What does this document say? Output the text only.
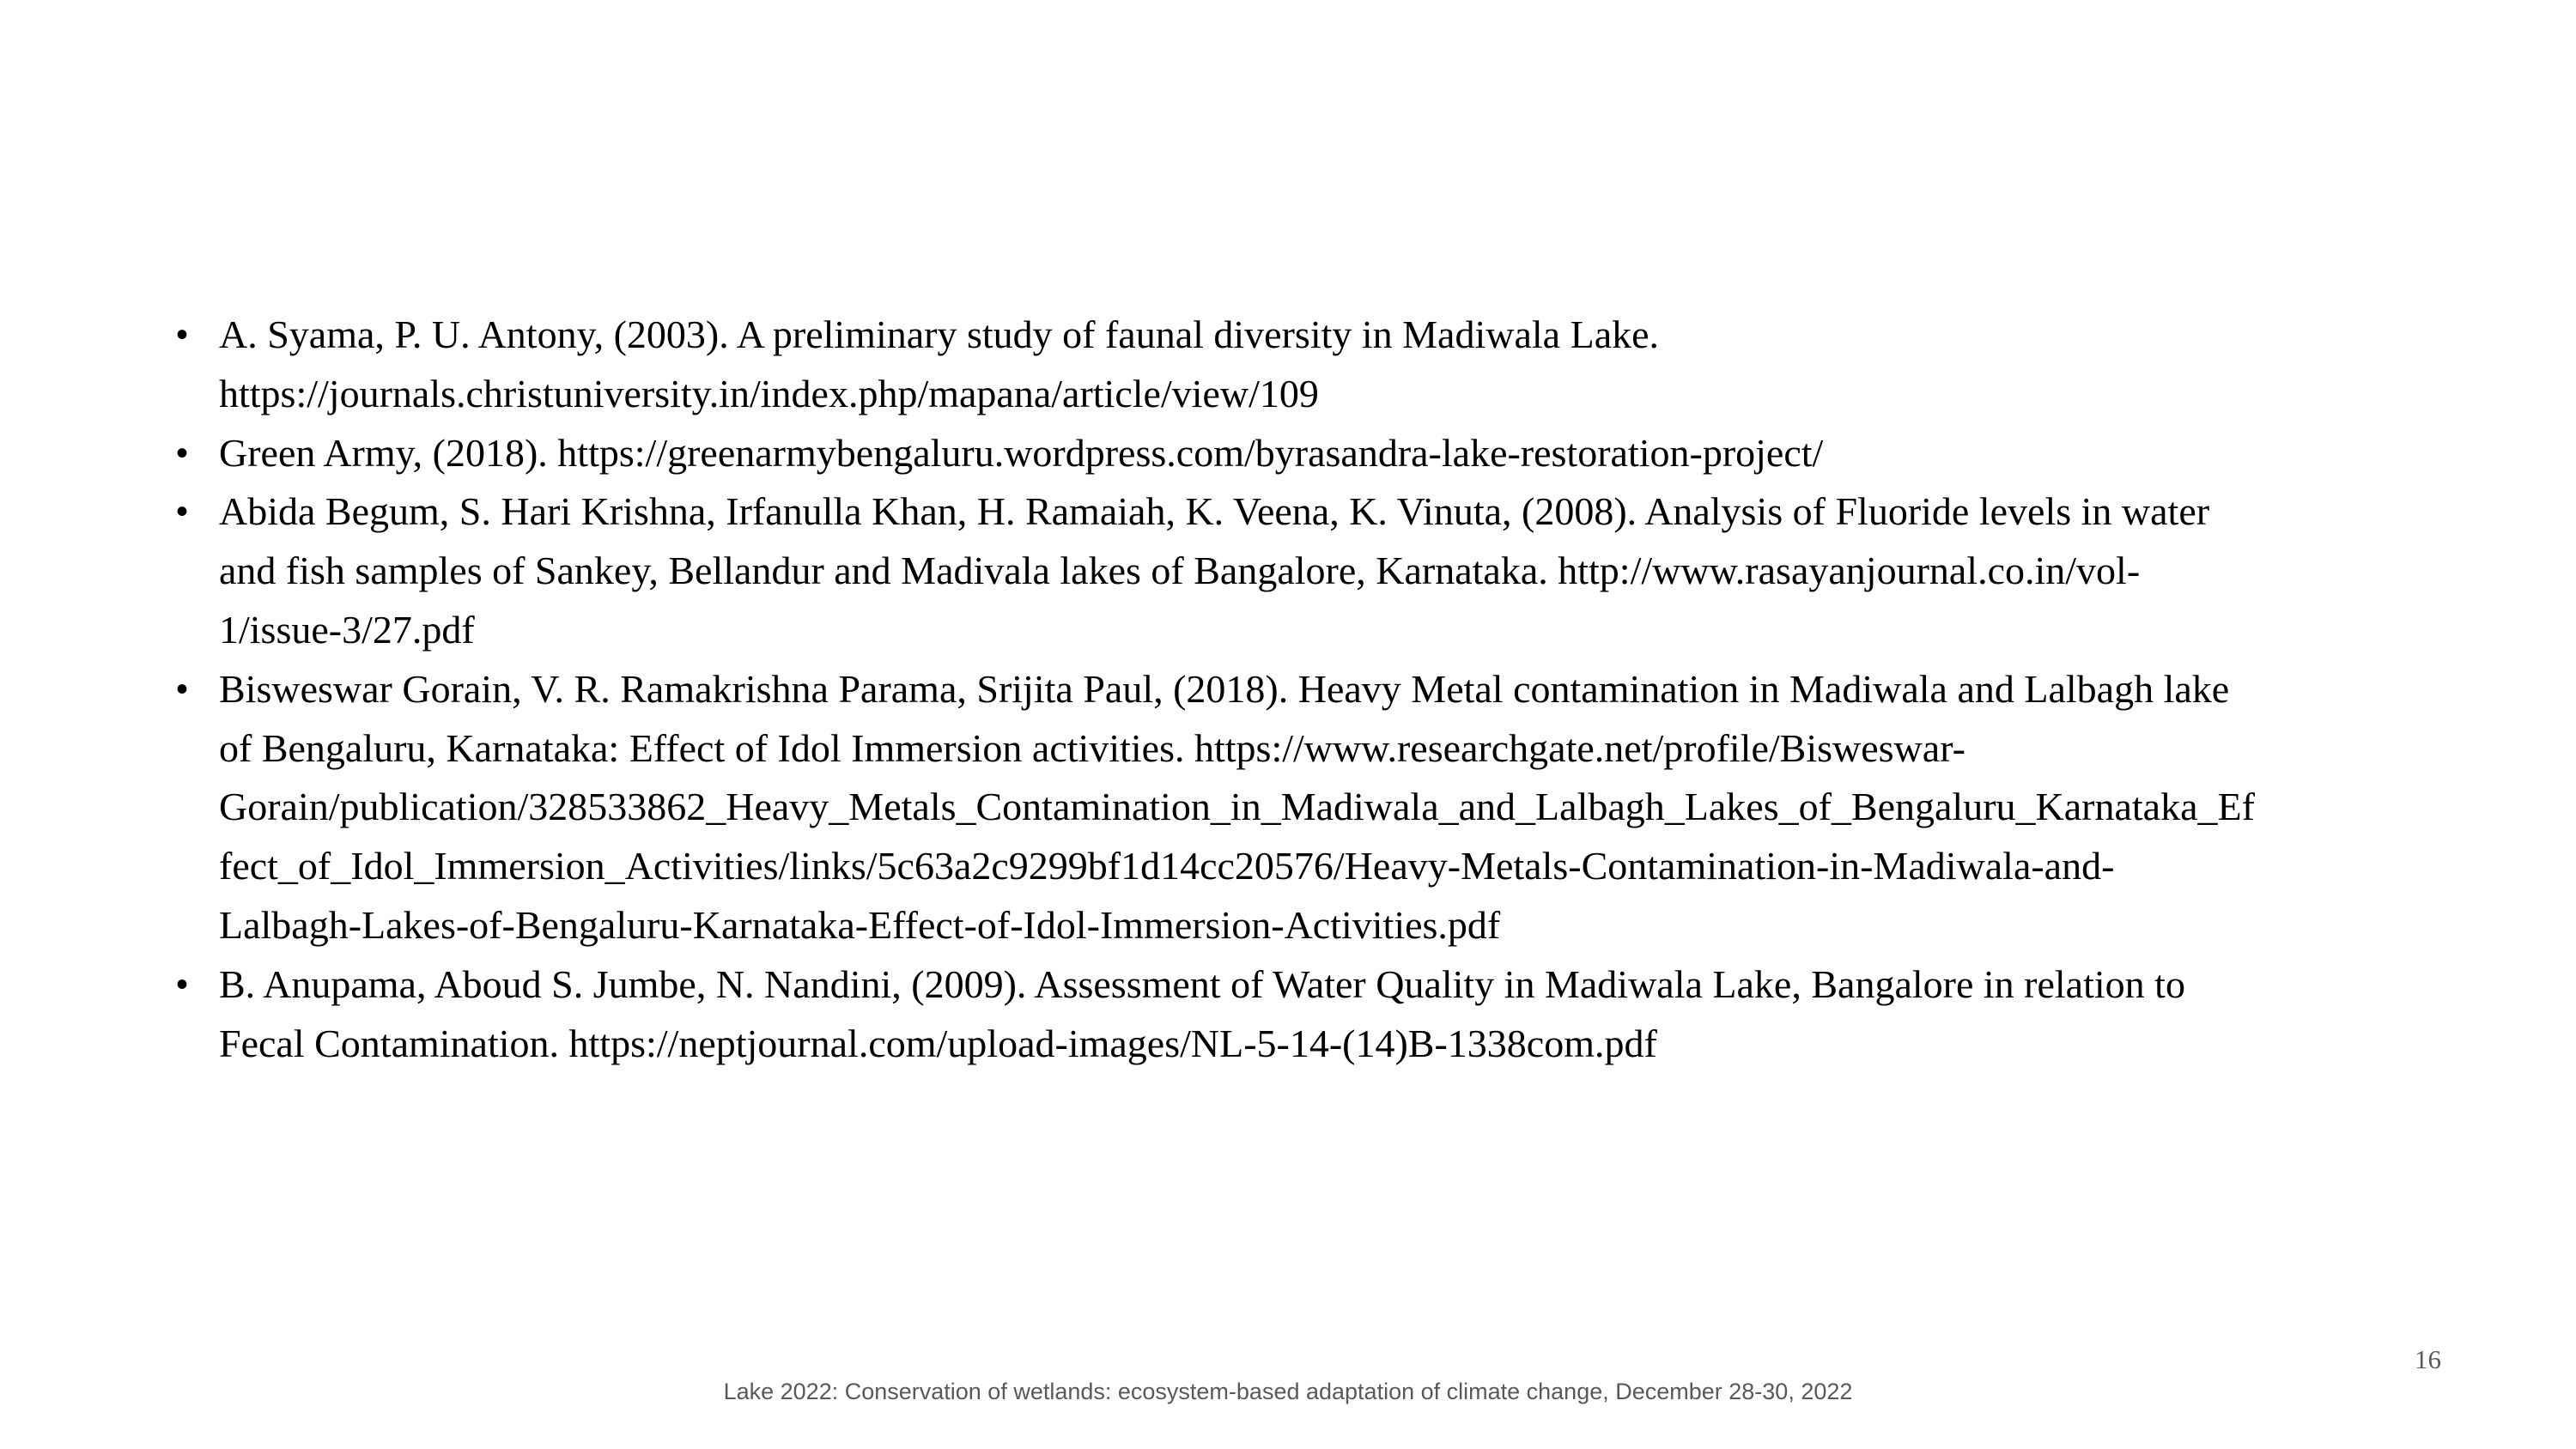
• A. Syama, P. U. Antony, (2003). A preliminary study of faunal diversity in Madiwala Lake.
https://journals.christuniversity.in/index.php/mapana/article/view/109
• Green Army, (2018). https://greenarmybengaluru.wordpress.com/byrasandra-lake-restoration-project/
• Abida Begum, S. Hari Krishna, Irfanulla Khan, H. Ramaiah, K. Veena, K. Vinuta, (2008). Analysis of Fluoride levels in water
and fish samples of Sankey, Bellandur and Madivala lakes of Bangalore, Karnataka. http://www.rasayanjournal.co.in/vol-
1/issue-3/27.pdf
• Bisweswar Gorain, V. R. Ramakrishna Parama, Srijita Paul, (2018). Heavy Metal contamination in Madiwala and Lalbagh lake
of Bengaluru, Karnataka: Effect of Idol Immersion activities. https://www.researchgate.net/profile/Bisweswar-
Gorain/publication/328533862_Heavy_Metals_Contamination_in_Madiwala_and_Lalbagh_Lakes_of_Bengaluru_Karnataka_Ef
fect_of_Idol_Immersion_Activities/links/5c63a2c9299bf1d14cc20576/Heavy-Metals-Contamination-in-Madiwala-and-
Lalbagh-Lakes-of-Bengaluru-Karnataka-Effect-of-Idol-Immersion-Activities.pdf
• B. Anupama, Aboud S. Jumbe, N. Nandini, (2009). Assessment of Water Quality in Madiwala Lake, Bangalore in relation to
Fecal Contamination. https://neptjournal.com/upload-images/NL-5-14-(14)B-1338com.pdf
Lake 2022: Conservation of wetlands: ecosystem-based adaptation of climate change, December 28-30, 2022
16
